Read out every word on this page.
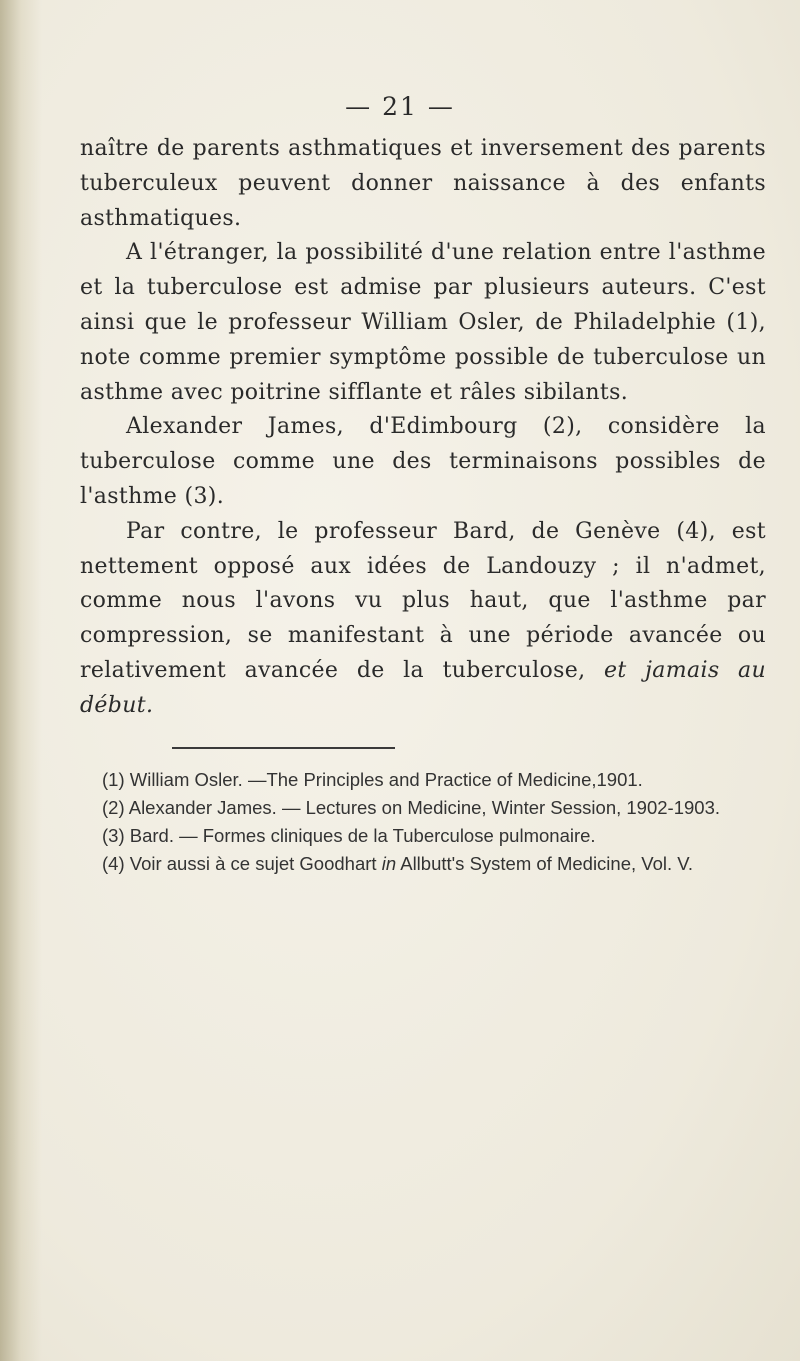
— 21 —

naître de parents asthmatiques et inversement des parents tuberculeux peuvent donner naissance à des enfants asthmatiques.

A l'étranger, la possibilité d'une relation entre l'asthme et la tuberculose est admise par plusieurs auteurs. C'est ainsi que le professeur William Osler, de Philadelphie (1), note comme premier symptôme possible de tuberculose un asthme avec poitrine sifflante et râles sibilants.

Alexander James, d'Edimbourg (2), considère la tuberculose comme une des terminaisons possibles de l'asthme (3).

Par contre, le professeur Bard, de Genève (4), est nettement opposé aux idées de Landouzy ; il n'admet, comme nous l'avons vu plus haut, que l'asthme par compression, se manifestant à une période avancée ou relativement avancée de la tuberculose, et jamais au début.

(1) William Osler. —The Principles and Practice of Medicine,1901.

(2) Alexander James. — Lectures on Medicine, Winter Session, 1902-1903.

(3) Bard. — Formes cliniques de la Tuberculose pulmonaire.

(4) Voir aussi à ce sujet Goodhart in Allbutt's System of Medicine, Vol. V.
